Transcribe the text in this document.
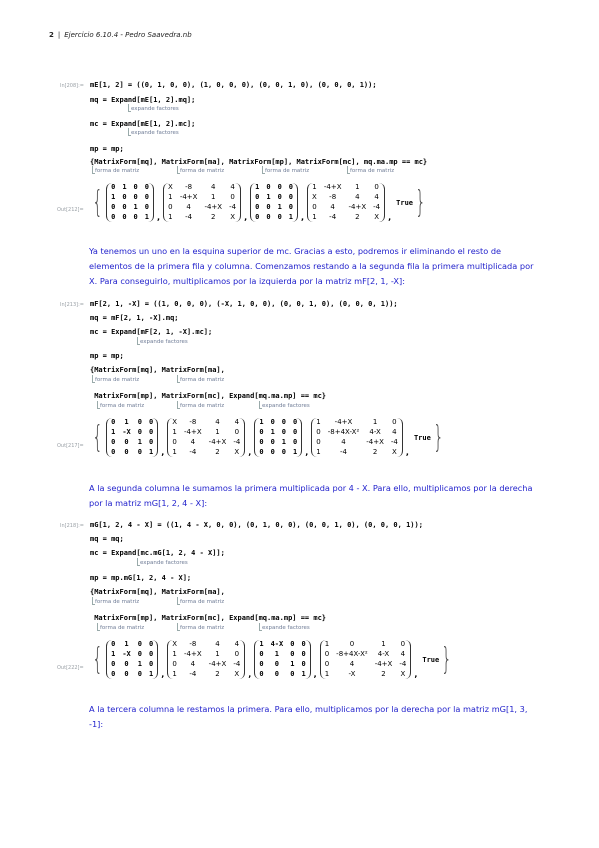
2 | Ejercicio 6.10.4 - Pedro Saavedra.nb
In[208]:= mE[1, 2] = ((0, 1, 0, 0), (1, 0, 0, 0), (0, 0, 1, 0), (0, 0, 0, 1));
mq = Expand[mE[1, 2].mq];
expande factores
mc = Expand[mE[1, 2].mc];
expande factores
mp = mp;
{MatrixForm[mq], MatrixForm[ma], MatrixForm[mp], MatrixForm[mc], mq.ma.mp == mc}
forma de matriz	forma de matriz	forma de matriz	forma de matriz
Out[212]= { 0 1 0 0
1 0 0 0
0 0 1 0
0 0 0 1 ,
X	-8	4	4
1 -4+X	1	0
0	4	-4+X -4
1	-4	2	X ,
1 0 0 0
0 1 0 0
0 0 1 0
0 0 0 1 ,
1 -4+X	1	0
X	-8	4	4
0	4	-4+X -4
1	-4	2	X ,
True }
Ya tenemos un uno en la esquina superior de mc. Gracias a esto, podremos ir eliminando el resto de elementos de la primera fila y columna. Comenzamos restando a la segunda fila la primera multiplicada por X. Para conseguirlo, multiplicamos por la izquierda por la matriz mF[2, 1, -X]:
In[213]:= mF[2, 1, -X] = ((1, 0, 0, 0), (-X, 1, 0, 0), (0, 0, 1, 0), (0, 0, 0, 1));
mq = mF[2, 1, -X].mq;
mc = Expand[mF[2, 1, -X].mc];
expande factores
mp = mp;
{MatrixForm[mq], MatrixForm[ma],
forma de matriz	forma de matriz
MatrixForm[mp], MatrixForm[mc], Expand[mq.ma.mp] == mc}
forma de matriz	forma de matriz	expande factores
Out[217]= { 0	1	0 0
1 -X 0 0
0	0	1 0
0	0	0 1 ,
X	-8	4	4
1 -4+X	1	0
0	4	-4+X -4
1	-4	2	X ,
1 0 0 0
0 1 0 0
0 0 1 0
0 0 0 1 ,
1	-4+X	1	0
0 -8+4X-X²	4-X	4
0	4	-4+X -4
1	-4	2	X ,
True }
A la segunda columna le sumamos la primera multiplicada por 4 - X. Para ello, multiplicamos por la derecha por la matriz mG[1, 2, 4 - X]:
In[218]:= mG[1, 2, 4 - X] = ((1, 4 - X, 0, 0), (0, 1, 0, 0), (0, 0, 1, 0), (0, 0, 0, 1));
mq = mq;
mc = Expand[mc.mG[1, 2, 4 - X]];
expande factores
mp = mp.mG[1, 2, 4 - X];
{MatrixForm[mq], MatrixForm[ma],
forma de matriz	forma de matriz
MatrixForm[mp], MatrixForm[mc], Expand[mq.ma.mp] == mc}
forma de matriz	forma de matriz	expande factores
Out[222]= { 0	1	0 0
1 -X 0 0
0	0	1 0
0	0	0 1 ,
X	-8	4	4
1 -4+X	1	0
0	4	-4+X -4
1	-4	2	X ,
1 4-X 0 0
0	1	0 0
0	0	1 0
0	0	0 1 ,
1	0	1	0
0 -8+4X-X²	4-X	4
0	4	-4+X -4
1	-X	2	X ,
True }
A la tercera columna le restamos la primera. Para ello, multiplicamos por la derecha por la matriz mG[1, 3, -1]:
